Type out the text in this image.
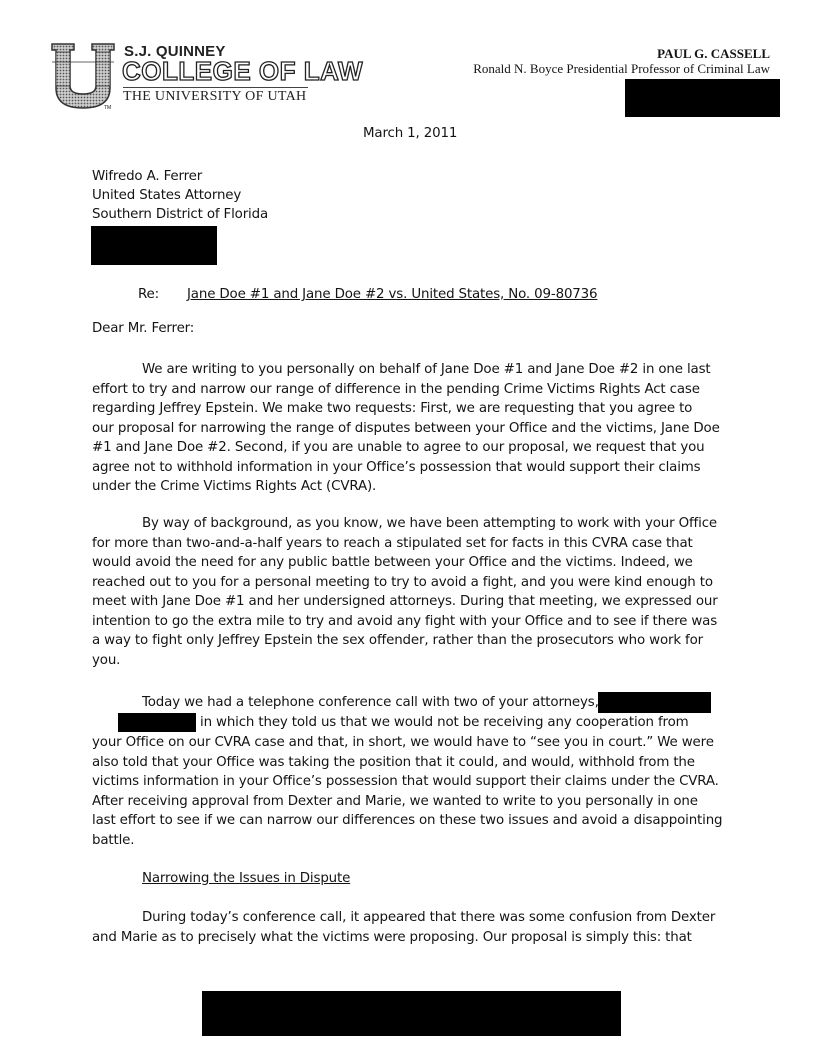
TM
S.J. QUINNEY
COLLEGE OF LAW
THE UNIVERSITY OF UTAH
PAUL G. CASSELL
Ronald N. Boyce Presidential Professor of Criminal Law
March 1, 2011
Wifredo A. Ferrer
United States Attorney
Southern District of Florida
Re: Jane Doe #1 and Jane Doe #2 vs. United States, No. 09-80736
Dear Mr. Ferrer:
We are writing to you personally on behalf of Jane Doe #1 and Jane Doe #2 in one last
effort to try and narrow our range of difference in the pending Crime Victims Rights Act case
regarding Jeffrey Epstein. We make two requests: First, we are requesting that you agree to
our proposal for narrowing the range of disputes between your Office and the victims, Jane Doe
#1 and Jane Doe #2. Second, if you are unable to agree to our proposal, we request that you
agree not to withhold information in your Office’s possession that would support their claims
under the Crime Victims Rights Act (CVRA).
By way of background, as you know, we have been attempting to work with your Office
for more than two-and-a-half years to reach a stipulated set for facts in this CVRA case that
would avoid the need for any public battle between your Office and the victims. Indeed, we
reached out to you for a personal meeting to try to avoid a fight, and you were kind enough to
meet with Jane Doe #1 and her undersigned attorneys. During that meeting, we expressed our
intention to go the extra mile to try and avoid any fight with your Office and to see if there was
a way to fight only Jeffrey Epstein the sex offender, rather than the prosecutors who work for
you.
Today we had a telephone conference call with two of your attorneys,
in which they told us that we would not be receiving any cooperation from
your Office on our CVRA case and that, in short, we would have to “see you in court.” We were
also told that your Office was taking the position that it could, and would, withhold from the
victims information in your Office’s possession that would support their claims under the CVRA.
After receiving approval from Dexter and Marie, we wanted to write to you personally in one
last effort to see if we can narrow our differences on these two issues and avoid a disappointing
battle.
Narrowing the Issues in Dispute
During today’s conference call, it appeared that there was some confusion from Dexter
and Marie as to precisely what the victims were proposing. Our proposal is simply this: that
